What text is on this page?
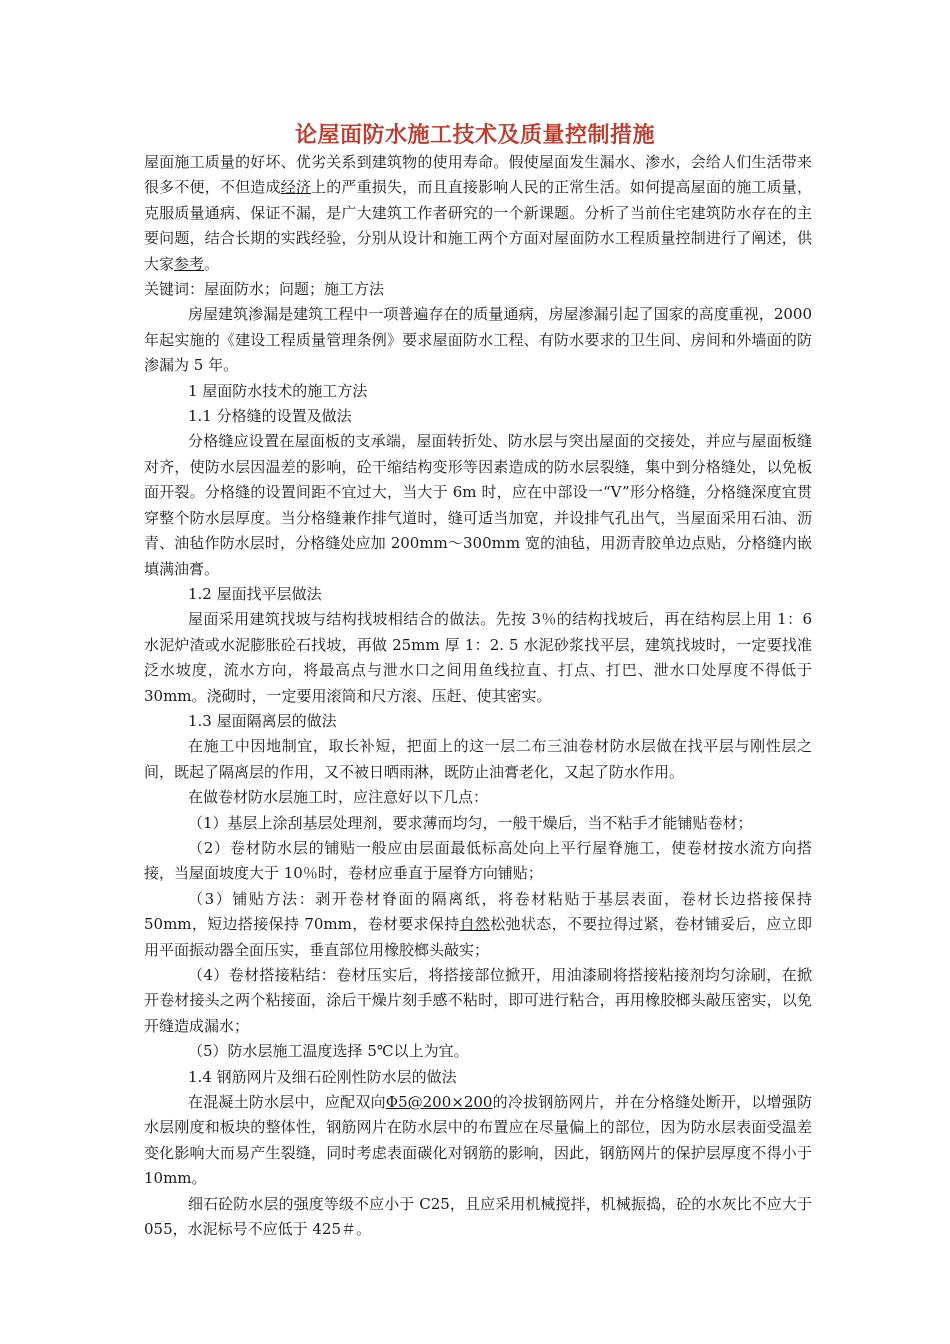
论屋面防水施工技术及质量控制措施

屋面施工质量的好坏、优劣关系到建筑物的使用寿命。假使屋面发生漏水、渗水，会给人们生活带来很多不便，不但造成经济上的严重损失，而且直接影响人民的正常生活。如何提高屋面的施工质量，克服质量通病、保证不漏，是广大建筑工作者研究的一个新课题。分析了当前住宅建筑防水存在的主要问题，结合长期的实践经验，分别从设计和施工两个方面对屋面防水工程质量控制进行了阐述，供大家参考。

关键词：屋面防水；问题；施工方法

房屋建筑渗漏是建筑工程中一项普遍存在的质量通病，房屋渗漏引起了国家的高度重视，2000 年起实施的《建设工程质量管理条例》要求屋面防水工程、有防水要求的卫生间、房间和外墙面的防渗漏为 5 年。

1 屋面防水技术的施工方法

1.1 分格缝的设置及做法

分格缝应设置在屋面板的支承端，屋面转折处、防水层与突出屋面的交接处，并应与屋面板缝对齐，使防水层因温差的影响，砼干缩结构变形等因素造成的防水层裂缝，集中到分格缝处，以免板面开裂。分格缝的设置间距不宜过大，当大于 6m 时，应在中部设一“V”形分格缝，分格缝深度宜贯穿整个防水层厚度。当分格缝兼作排气道时，缝可适当加宽，并设排气孔出气，当屋面采用石油、沥青、油毡作防水层时，分格缝处应加 200mm～300mm 宽的油毡，用沥青胶单边点贴，分格缝内嵌填满油膏。

1.2 屋面找平层做法

屋面采用建筑找坡与结构找坡相结合的做法。先按 3％的结构找坡后，再在结构层上用 1：6 水泥炉渣或水泥膨胀砼石找坡，再做 25mm 厚 1：2. 5 水泥砂浆找平层，建筑找坡时，一定要找准泛水坡度，流水方向，将最高点与泄水口之间用鱼线拉直、打点、打巴、泄水口处厚度不得低于 30mm。浇砌时，一定要用滚筒和尺方滚、压赶、使其密实。

1.3 屋面隔离层的做法

在施工中因地制宜，取长补短，把面上的这一层二布三油卷材防水层做在找平层与刚性层之间，既起了隔离层的作用，又不被日晒雨淋，既防止油膏老化，又起了防水作用。

在做卷材防水层施工时，应注意好以下几点：

（1）基层上涂刮基层处理剂，要求薄而均匀，一般干燥后，当不粘手才能铺贴卷材；

（2）卷材防水层的铺贴一般应由层面最低标高处向上平行屋脊施工，使卷材按水流方向搭接，当屋面坡度大于 10％时，卷材应垂直于屋脊方向铺贴；

（3）铺贴方法：剥开卷材脊面的隔离纸，将卷材粘贴于基层表面，卷材长边搭接保持 50mm，短边搭接保持 70mm，卷材要求保持自然松弛状态，不要拉得过紧，卷材铺妥后，应立即用平面振动器全面压实，垂直部位用橡胶榔头敲实；

（4）卷材搭接粘结：卷材压实后，将搭接部位掀开，用油漆刷将搭接粘接剂均匀涂刷，在掀开卷材接头之两个粘接面，涂后干燥片刻手感不粘时，即可进行粘合，再用橡胶榔头敲压密实，以免开缝造成漏水；

（5）防水层施工温度选择 5℃以上为宜。

1.4 钢筋网片及细石砼刚性防水层的做法

在混凝土防水层中，应配双向Φ5@200×200的冷拔钢筋网片，并在分格缝处断开，以增强防水层刚度和板块的整体性，钢筋网片在防水层中的布置应在尽量偏上的部位，因为防水层表面受温差变化影响大而易产生裂缝，同时考虑表面碳化对钢筋的影响，因此，钢筋网片的保护层厚度不得小于 10mm。

细石砼防水层的强度等级不应小于 C25，且应采用机械搅拌，机械振捣，砼的水灰比不应大于 055，水泥标号不应低于 425＃。
